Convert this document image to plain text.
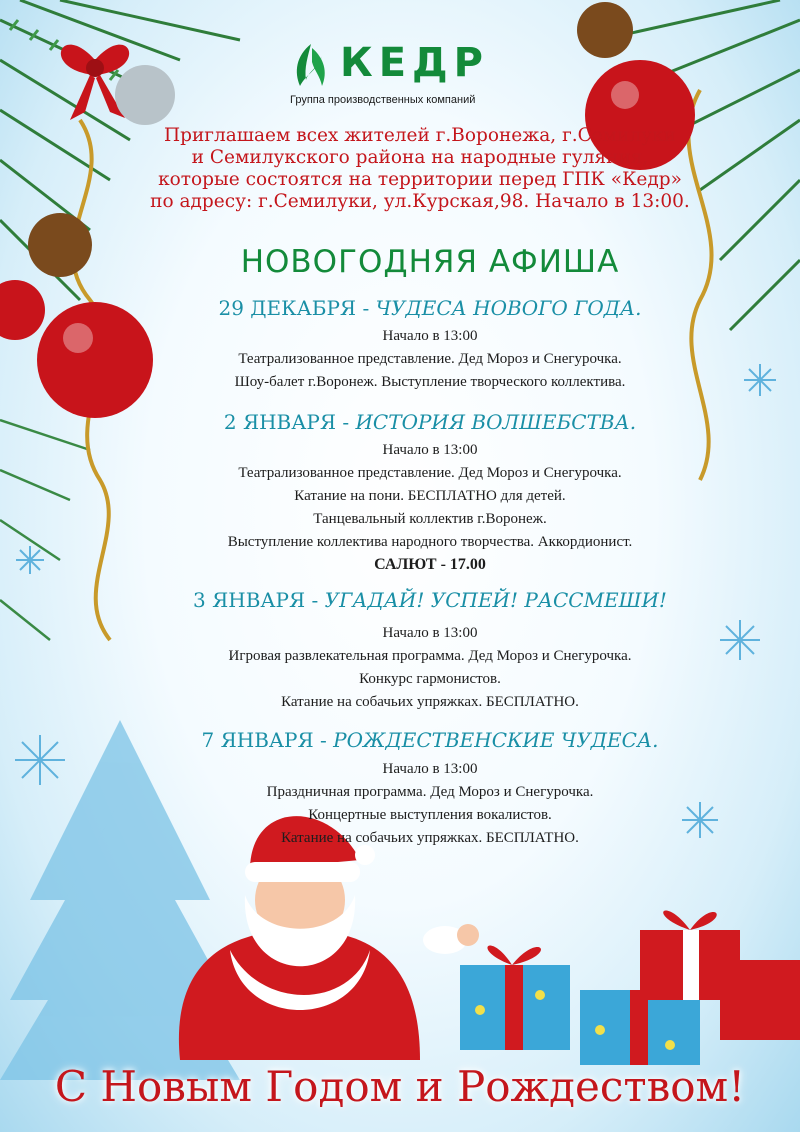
КЕДР
Группа производственных компаний
Приглашаем всех жителей г.Воронежа, г.Семилуки
и Семилукского района на народные гуляния,
которые состоятся на территории перед ГПК «Кедр»
по адресу: г.Семилуки, ул.Курская,98. Начало в 13:00.
НОВОГОДНЯЯ АФИША
29 ДЕКАБРЯ - ЧУДЕСА НОВОГО ГОДА.
Начало в 13:00
Театрализованное представление. Дед Мороз и Снегурочка.
Шоу-балет г.Воронеж. Выступление творческого коллектива.
2 ЯНВАРЯ - ИСТОРИЯ ВОЛШЕБСТВА.
Начало в 13:00
Театрализованное представление. Дед Мороз и Снегурочка.
Катание на пони. БЕСПЛАТНО для детей.
Танцевальный коллектив г.Воронеж.
Выступление коллектива народного творчества. Аккордионист.
САЛЮТ - 17.00
3 ЯНВАРЯ - УГАДАЙ! УСПЕЙ! РАССМЕШИ!
Начало в 13:00
Игровая развлекательная программа. Дед Мороз и Снегурочка.
Конкурс гармонистов.
Катание на собачьих упряжках. БЕСПЛАТНО.
7 ЯНВАРЯ - РОЖДЕСТВЕНСКИЕ ЧУДЕСА.
Начало в 13:00
Праздничная программа. Дед Мороз и Снегурочка.
Концертные выступления вокалистов.
Катание на собачьих упряжках. БЕСПЛАТНО.
С Новым Годом и Рождеством!
